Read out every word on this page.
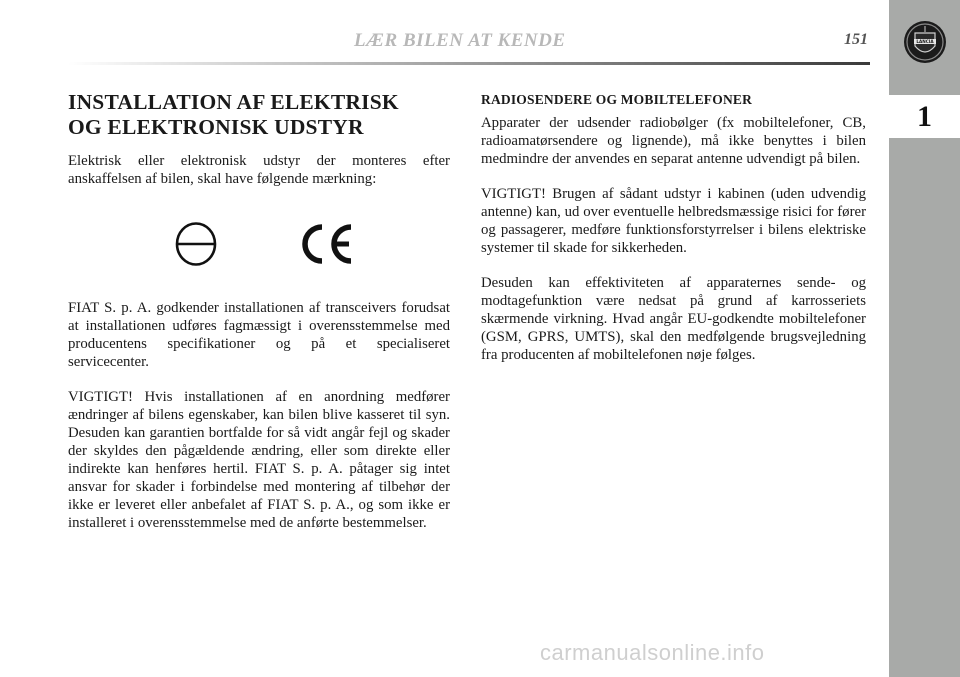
LÆR BILEN AT KENDE	151	LANCIA
1
INSTALLATION AF ELEKTRISK
OG ELEKTRONISK UDSTYR

Elektrisk eller elektronisk udstyr der monteres efter anskaffelsen af bilen, skal have følgende mærkning:

FIAT S. p. A. godkender installationen af transceivers forudsat at installationen udføres fagmæssigt i overensstemmelse med producentens specifikationer og på et specialiseret servicecenter.

VIGTIGT! Hvis installationen af en anordning medfører ændringer af bilens egenskaber, kan bilen blive kasseret til syn. Desuden kan garantien bortfalde for så vidt angår fejl og skader der skyldes den pågældende ændring, eller som direkte eller indirekte kan henføres hertil. FIAT S. p. A. påtager sig intet ansvar for skader i forbindelse med montering af tilbehør der ikke er leveret eller anbefalet af FIAT S. p. A., og som ikke er installeret i overensstemmelse med de anførte bestemmelser.

RADIOSENDERE OG MOBILTELEFONER

Apparater der udsender radiobølger (fx mobiltelefoner, CB, radioamatørsendere og lignende), må ikke benyttes i bilen medmindre der anvendes en separat antenne udvendigt på bilen.

VIGTIGT! Brugen af sådant udstyr i kabinen (uden udvendig antenne) kan, ud over eventuelle helbredsmæssige risici for fører og passagerer, medføre funktionsforstyrrelser i bilens elektriske systemer til skade for sikkerheden.

Desuden kan effektiviteten af apparaternes sende- og modtagefunktion være nedsat på grund af karrosseriets skærmende virkning. Hvad angår EU-godkendte mobiltelefoner (GSM, GPRS, UMTS), skal den medfølgende brugsvejledning fra producenten af mobiltelefonen nøje følges.

carmanualsonline.info
